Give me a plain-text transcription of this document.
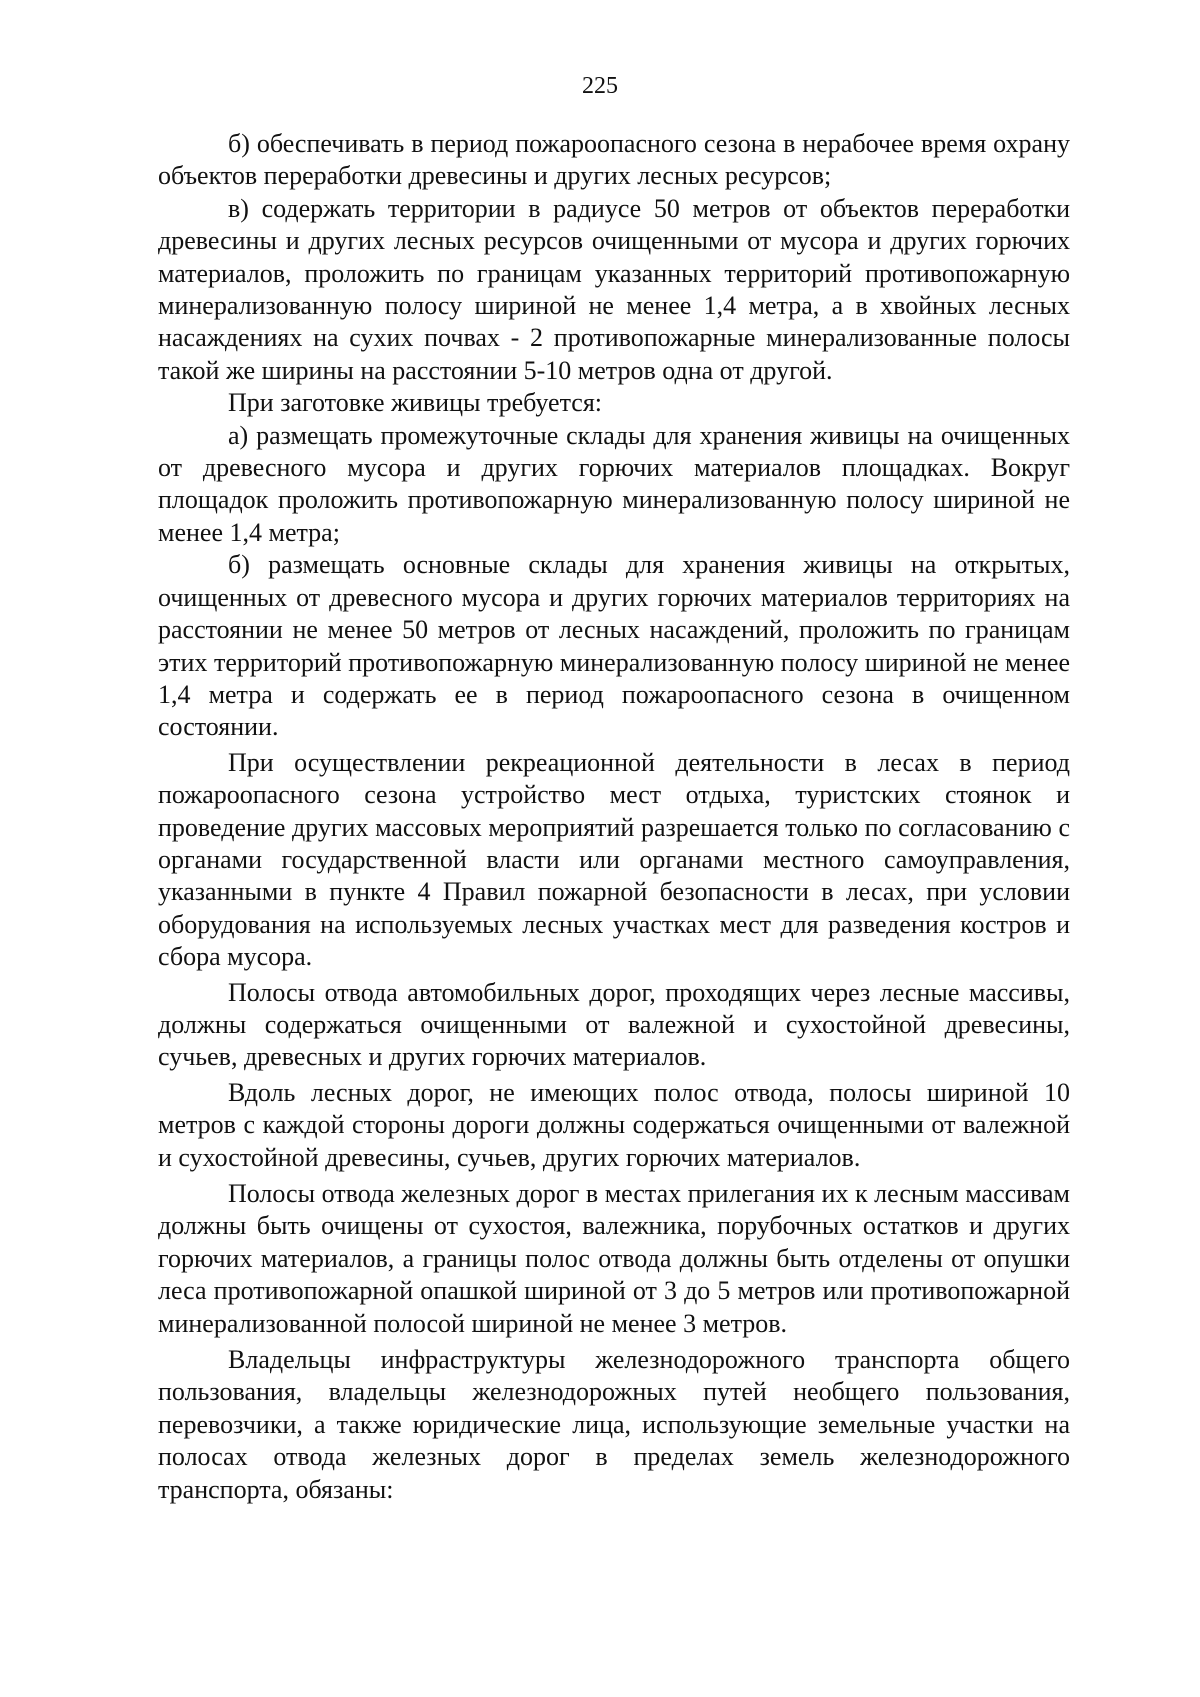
225

б) обеспечивать в период пожароопасного сезона в нерабочее время охрану объектов переработки древесины и других лесных ресурсов;

в) содержать территории в радиусе 50 метров от объектов переработки древесины и других лесных ресурсов очищенными от мусора и других горючих материалов, проложить по границам указанных территорий противопожарную минерализованную полосу шириной не менее 1,4 метра, а в хвойных лесных насаждениях на сухих почвах - 2 противопожарные минерализованные полосы такой же ширины на расстоянии 5-10 метров одна от другой.

При заготовке живицы требуется:

а) размещать промежуточные склады для хранения живицы на очищенных от древесного мусора и других горючих материалов площадках. Вокруг площадок проложить противопожарную минерализованную полосу шириной не менее 1,4 метра;

б) размещать основные склады для хранения живицы на открытых, очищенных от древесного мусора и других горючих материалов территориях на расстоянии не менее 50 метров от лесных насаждений, проложить по границам этих территорий противопожарную минерализованную полосу шириной не менее 1,4 метра и содержать ее в период пожароопасного сезона в очищенном состоянии.

При осуществлении рекреационной деятельности в лесах в период пожароопасного сезона устройство мест отдыха, туристских стоянок и проведение других массовых мероприятий разрешается только по согласованию с органами государственной власти или органами местного самоуправления, указанными в пункте 4 Правил пожарной безопасности в лесах, при условии оборудования на используемых лесных участках мест для разведения костров и сбора мусора.

Полосы отвода автомобильных дорог, проходящих через лесные массивы, должны содержаться очищенными от валежной и сухостойной древесины, сучьев, древесных и других горючих материалов.

Вдоль лесных дорог, не имеющих полос отвода, полосы шириной 10 метров с каждой стороны дороги должны содержаться очищенными от валежной и сухостойной древесины, сучьев, других горючих материалов.

Полосы отвода железных дорог в местах прилегания их к лесным массивам должны быть очищены от сухостоя, валежника, порубочных остатков и других горючих материалов, а границы полос отвода должны быть отделены от опушки леса противопожарной опашкой шириной от 3 до 5 метров или противопожарной минерализованной полосой шириной не менее 3 метров.

Владельцы инфраструктуры железнодорожного транспорта общего пользования, владельцы железнодорожных путей необщего пользования, перевозчики, а также юридические лица, использующие земельные участки на полосах отвода железных дорог в пределах земель железнодорожного транспорта, обязаны:
